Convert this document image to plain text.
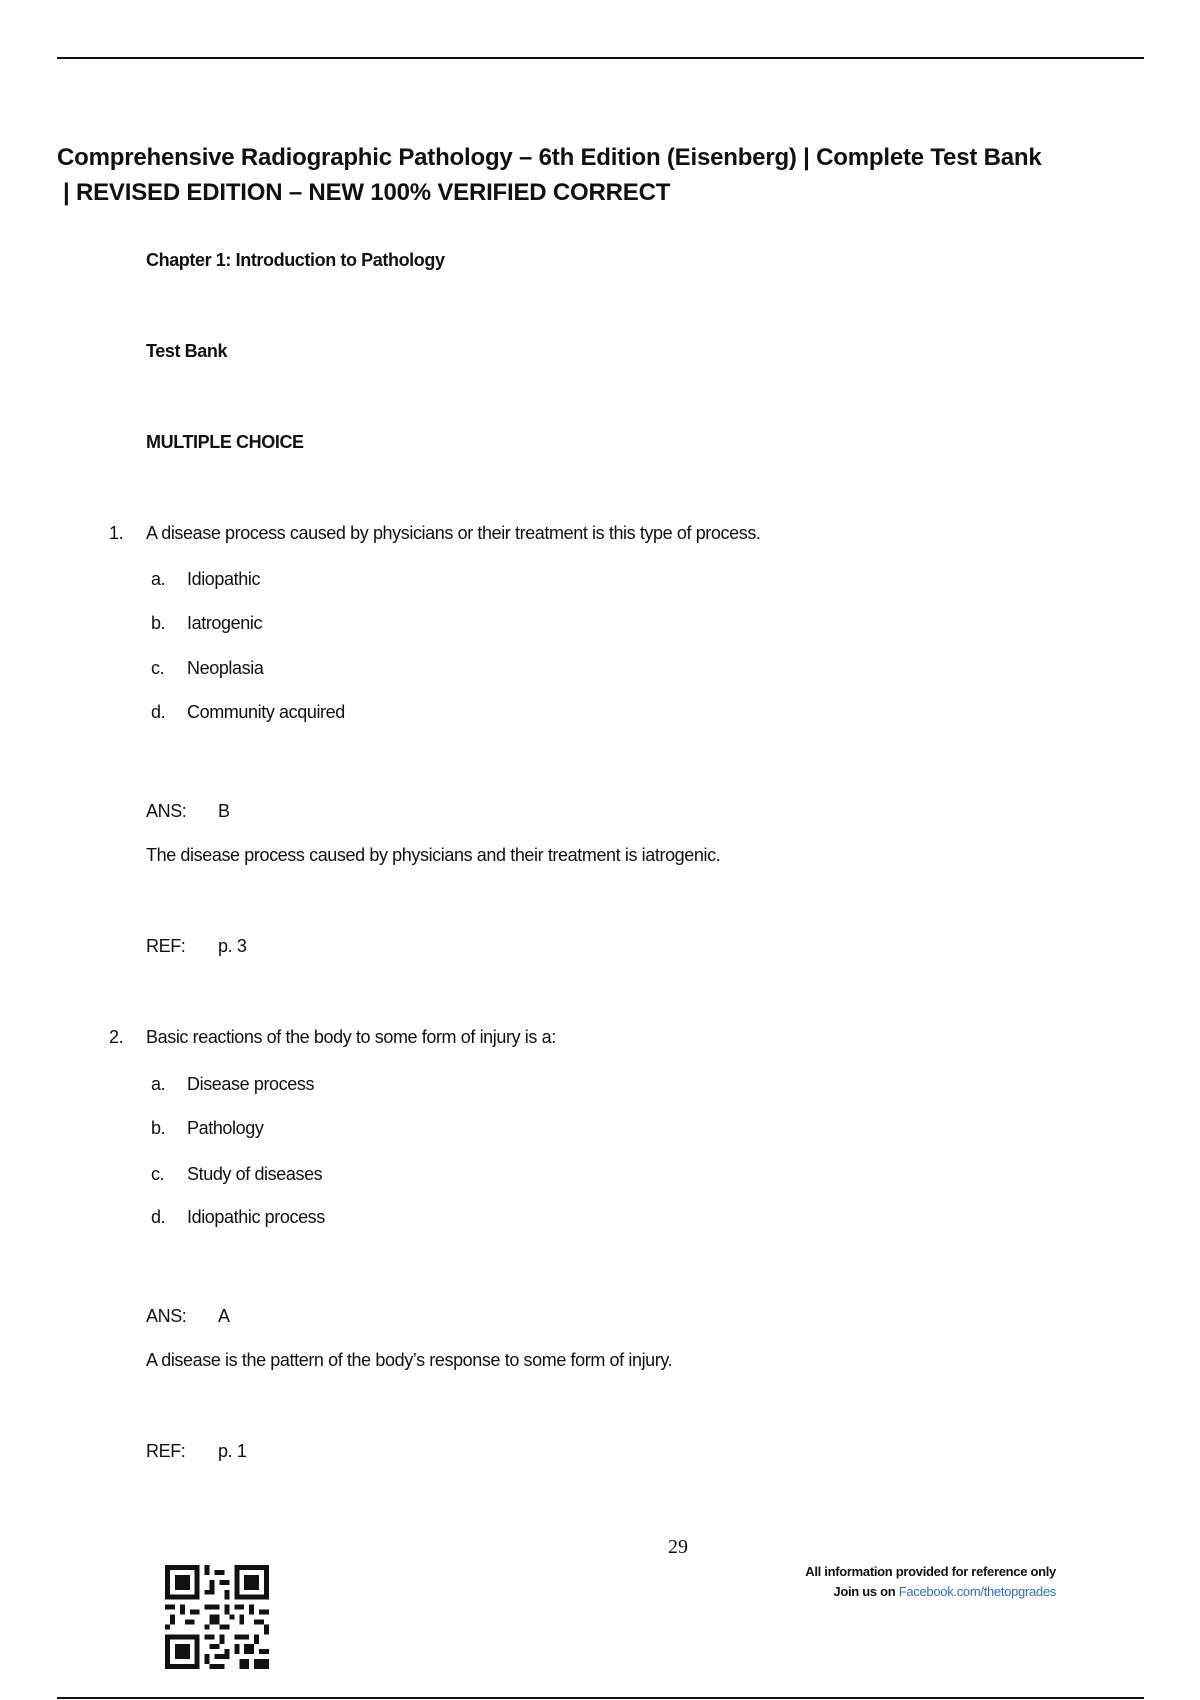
Comprehensive Radiographic Pathology – 6th Edition (Eisenberg) | Complete Test Bank
| REVISED EDITION – NEW 100% VERIFIED CORRECT
Chapter 1: Introduction to Pathology
Test Bank
MULTIPLE CHOICE
1. A disease process caused by physicians or their treatment is this type of process.
a. Idiopathic
b. Iatrogenic
c. Neoplasia
d. Community acquired
ANS: B
The disease process caused by physicians and their treatment is iatrogenic.
REF: p. 3
2. Basic reactions of the body to some form of injury is a:
a. Disease process
b. Pathology
c. Study of diseases
d. Idiopathic process
ANS: A
A disease is the pattern of the body’s response to some form of injury.
REF: p. 1
29
All information provided for reference only
Join us on Facebook.com/thetopgrades
